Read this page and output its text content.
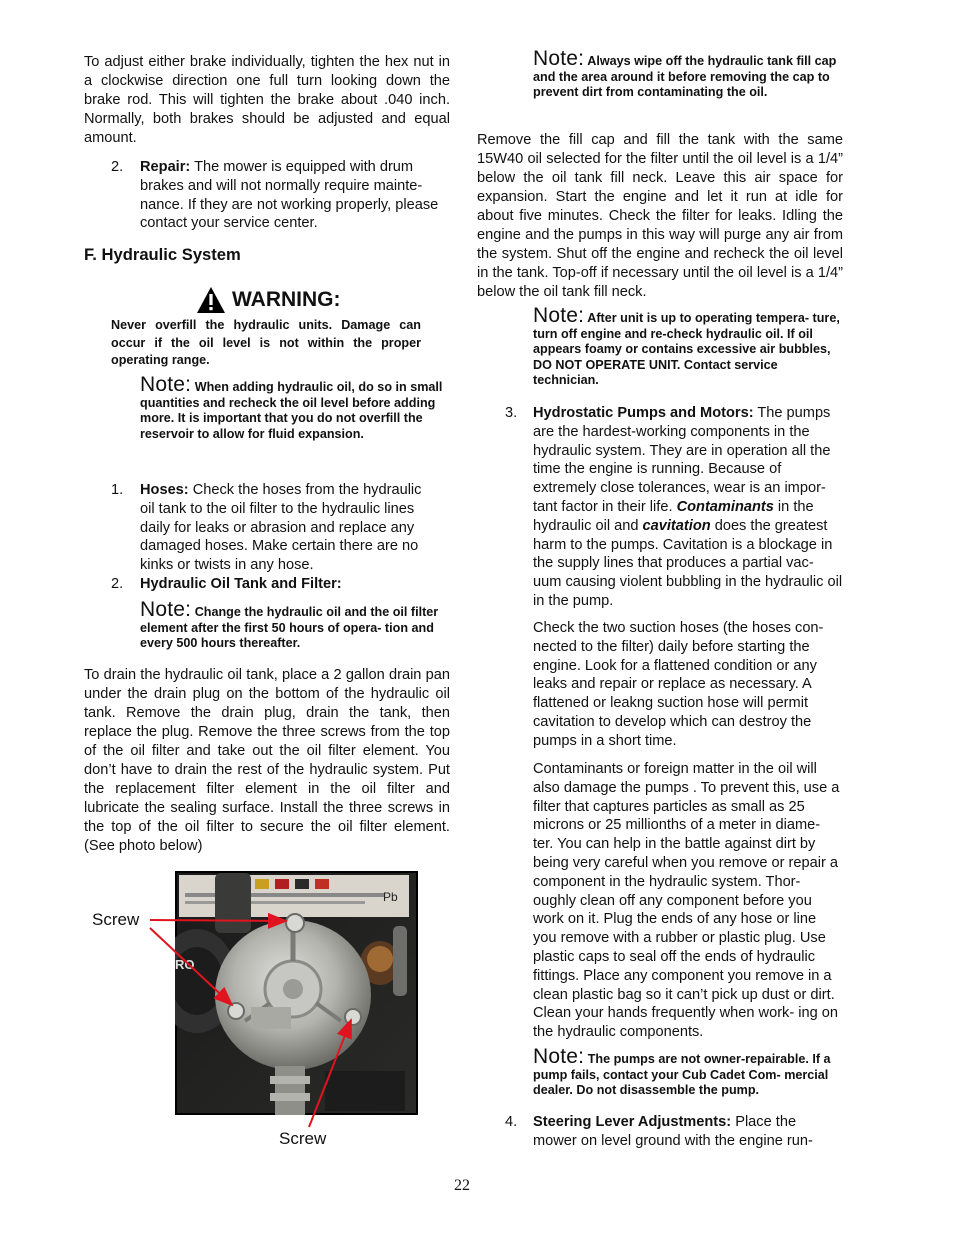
To adjust either brake individually, tighten the hex nut in a clockwise direction one full turn looking down the brake rod. This will tighten the brake about .040 inch. Normally, both brakes should be adjusted and equal amount.

2. Repair: The mower is equipped with drum brakes and will not normally require mainte- nance. If they are not working properly, please contact your service center.

F. Hydraulic System
WARNING:

Never overfill the hydraulic units. Damage can occur if the oil level is not within the proper operating range.

Note: When adding hydraulic oil, do so in small quantities and recheck the oil level before adding more. It is important that you do not overfill the reservoir to allow for fluid expansion.

1. Hoses: Check the hoses from the hydraulic oil tank to the oil filter to the hydraulic lines daily for leaks or abrasion and replace any damaged hoses. Make certain there are no kinks or twists in any hose.

2. Hydraulic Oil Tank and Filter:

Note: Change the hydraulic oil and the oil filter element after the first 50 hours of opera- tion and every 500 hours thereafter.

To drain the hydraulic oil tank, place a 2 gallon drain pan under the drain plug on the bottom of the hydraulic oil tank. Remove the drain plug, drain the tank, then replace the plug. Remove the three screws from the top of the oil filter and take out the oil filter element. You don’t have to drain the rest of the hydraulic system. Put the replacement filter element in the oil filter and lubricate the sealing surface. Install the three screws in the top of the oil filter to secure the oil filter element. (See photo below)

Pb
RO
Screw
Screw

Note: Always wipe off the hydraulic tank fill cap and the area around it before removing the cap to prevent dirt from contaminating the oil.

Remove the fill cap and fill the tank with the same 15W40 oil selected for the filter until the oil level is a 1/4” below the oil tank fill neck. Leave this air space for expansion. Start the engine and let it run at idle for about five minutes. Check the filter for leaks. Idling the engine and the pumps in this way will purge any air from the system. Shut off the engine and recheck the oil level in the tank. Top-off if necessary until the oil level is a 1/4” below the oil tank fill neck.

Note: After unit is up to operating tempera- ture, turn off engine and re-check hydraulic oil. If oil appears foamy or contains excessive air bubbles, DO NOT OPERATE UNIT. Contact service technician.

3. Hydrostatic Pumps and Motors: The pumps are the hardest-working components in the hydraulic system. They are in operation all the time the engine is running. Because of extremely close tolerances, wear is an impor- tant factor in their life. Contaminants in the hydraulic oil and cavitation does the greatest harm to the pumps. Cavitation is a blockage in the supply lines that produces a partial vac- uum causing violent bubbling in the hydraulic oil in the pump.

Check the two suction hoses (the hoses con- nected to the filter) daily before starting the engine. Look for a flattened condition or any leaks and repair or replace as necessary. A flattened or leakng suction hose will permit cavitation to develop which can destroy the pumps in a short time.

Contaminants or foreign matter in the oil will also damage the pumps . To prevent this, use a filter that captures particles as small as 25 microns or 25 millionths of a meter in diame- ter. You can help in the battle against dirt by being very careful when you remove or repair a component in the hydraulic system. Thor- oughly clean off any component before you work on it. Plug the ends of any hose or line you remove with a rubber or plastic plug. Use plastic caps to seal off the ends of hydraulic fittings. Place any component you remove in a clean plastic bag so it can’t pick up dust or dirt. Clean your hands frequently when work- ing on the hydraulic components.

Note: The pumps are not owner-repairable. If a pump fails, contact your Cub Cadet Com- mercial dealer. Do not disassemble the pump.

4. Steering Lever Adjustments: Place the mower on level ground with the engine run-

22
